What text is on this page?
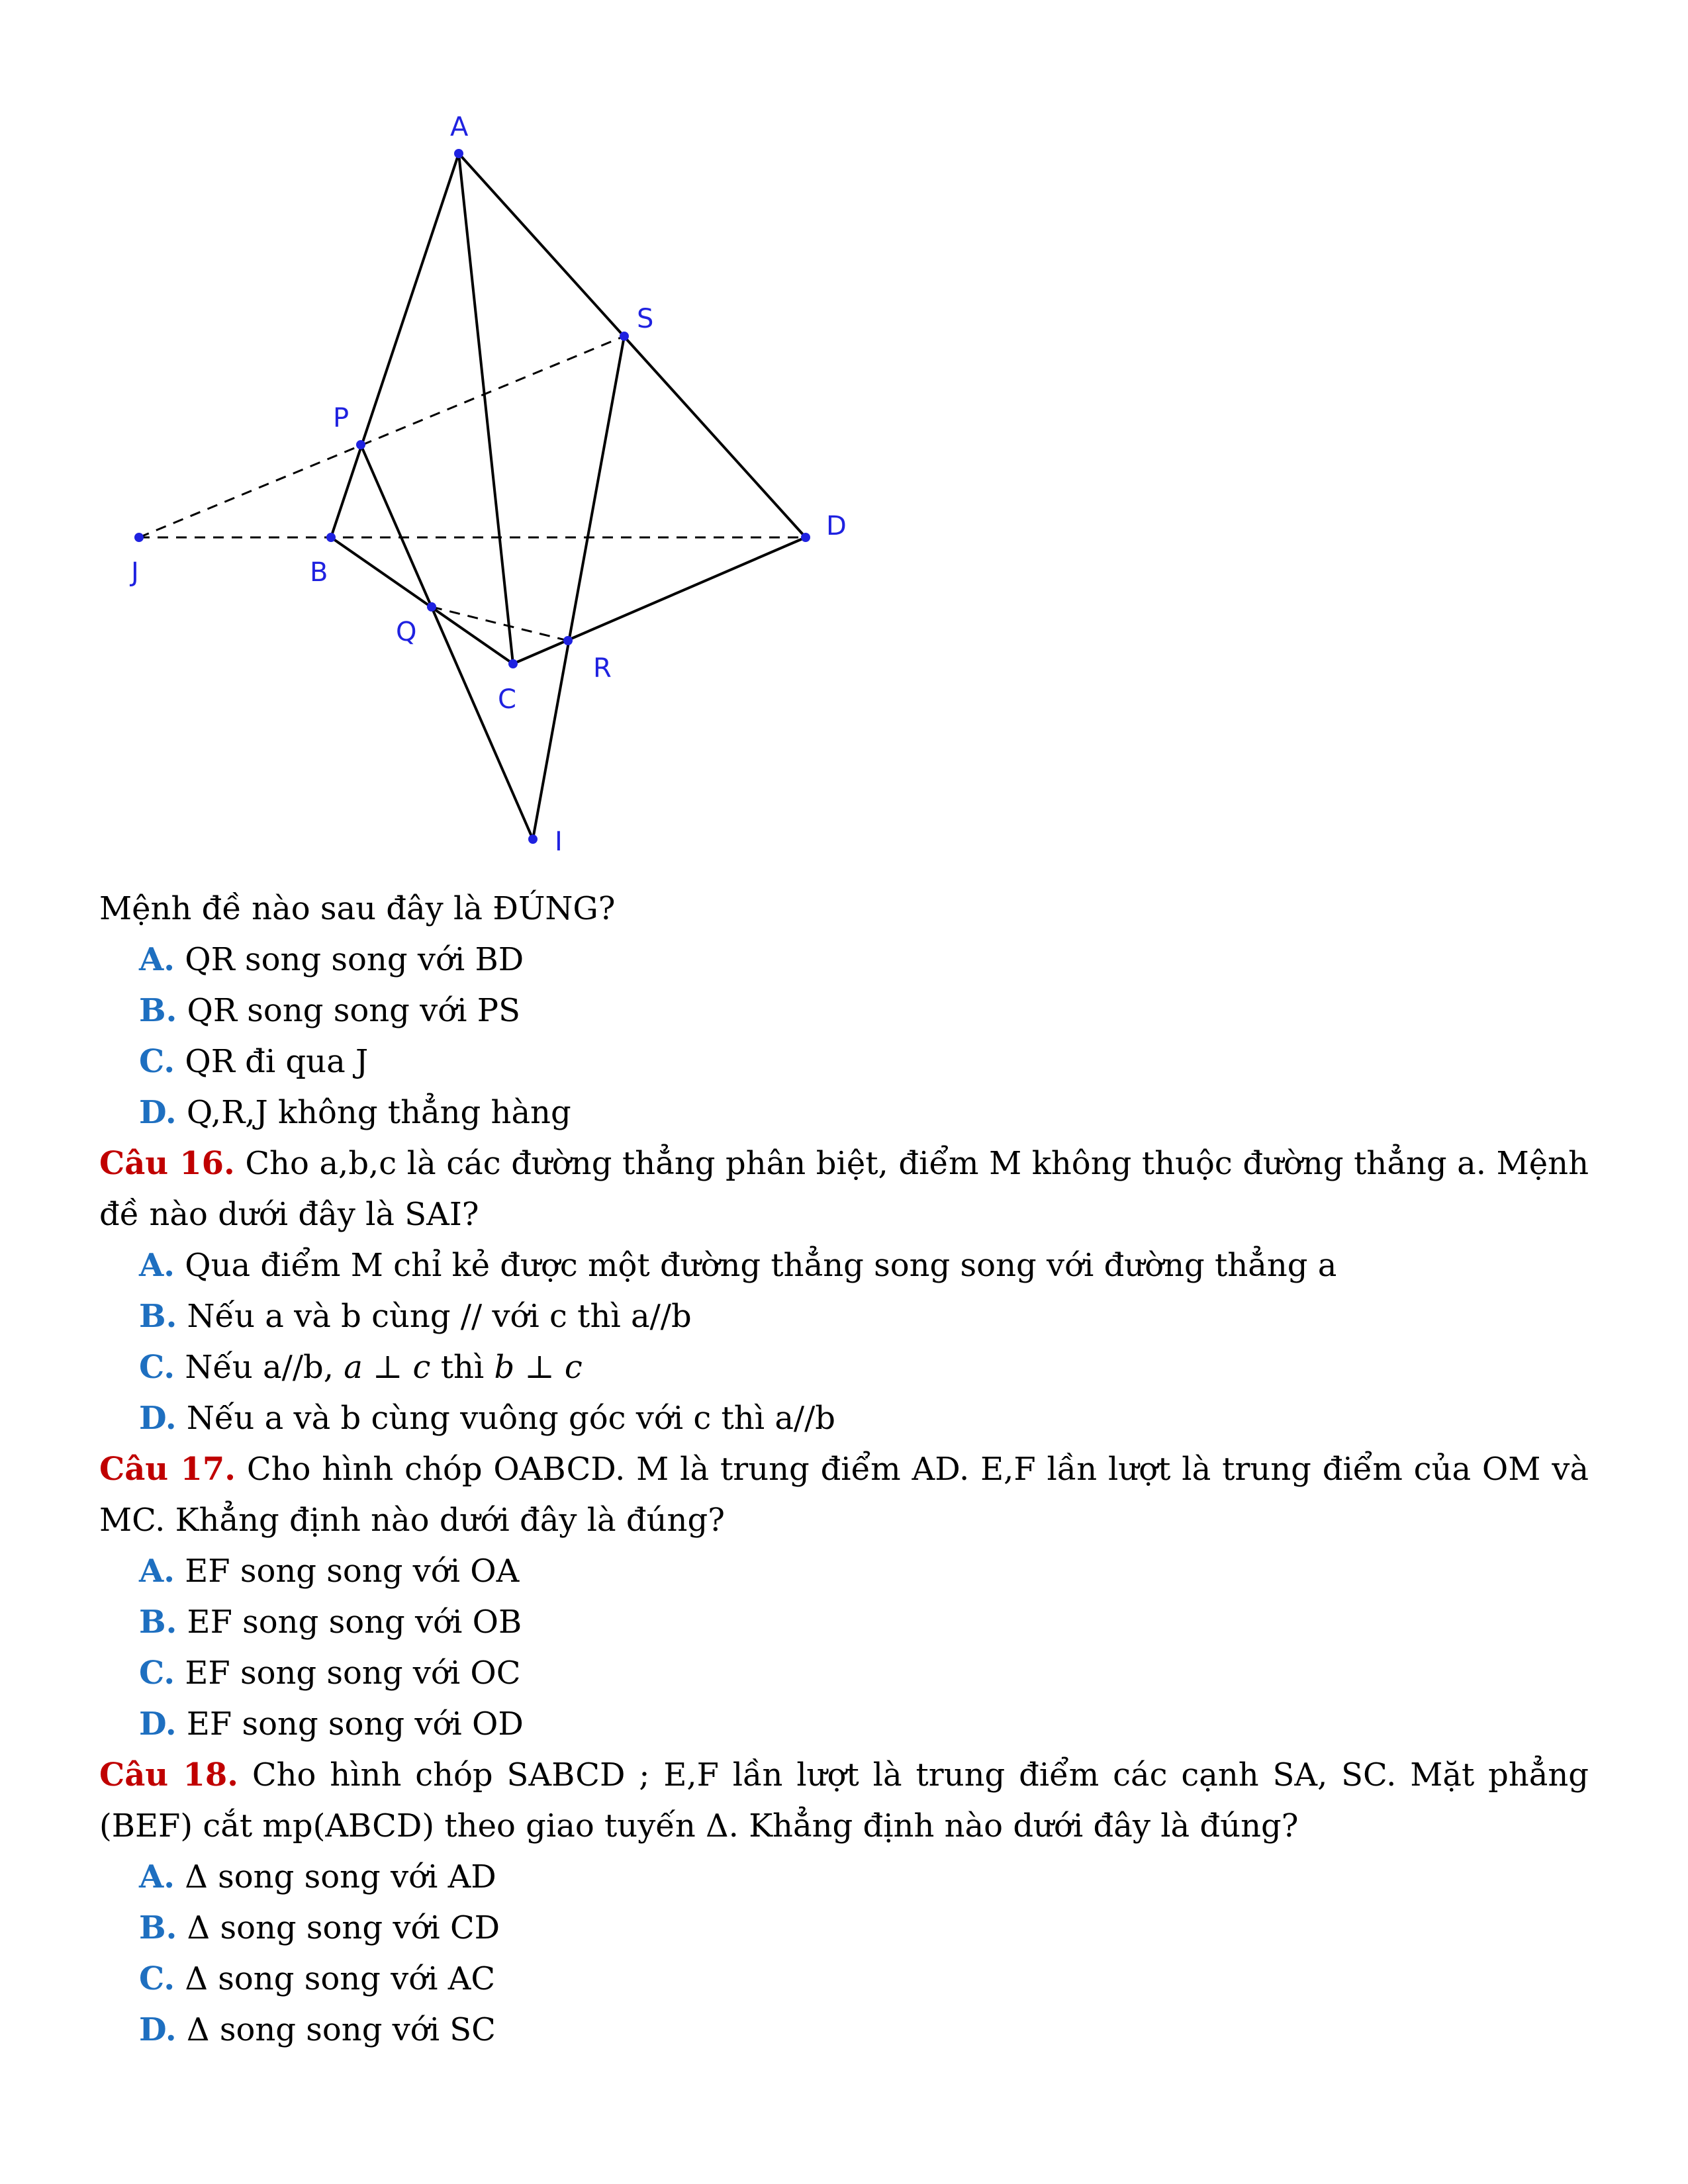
A
S
P
D
J	B
Q
R
C
I

Mệnh đề nào sau đây là ĐÚNG?

A. QR song song với BD

B. QR song song với PS

C. QR đi qua J

D. Q,R,J không thẳng hàng

Câu 16. Cho a,b,c là các đường thẳng phân biệt, điểm M không thuộc đường thẳng a. Mệnh đề nào dưới đây là SAI?

A. Qua điểm M chỉ kẻ được một đường thẳng song song với đường thẳng a

B. Nếu a và b cùng // với c thì a//b

C. Nếu a//b, a ⊥ c thì b ⊥ c

D. Nếu a và b cùng vuông góc với c thì a//b

Câu 17. Cho hình chóp OABCD. M là trung điểm AD. E,F lần lượt là trung điểm của OM và MC. Khẳng định nào dưới đây là đúng?

A. EF song song với OA

B. EF song song với OB

C. EF song song với OC

D. EF song song với OD

Câu 18. Cho hình chóp SABCD ; E,F lần lượt là trung điểm các cạnh SA, SC. Mặt phẳng (BEF) cắt mp(ABCD) theo giao tuyến Δ. Khẳng định nào dưới đây là đúng?

A. Δ song song với AD

B. Δ song song với CD

C. Δ song song với AC

D. Δ song song với SC
